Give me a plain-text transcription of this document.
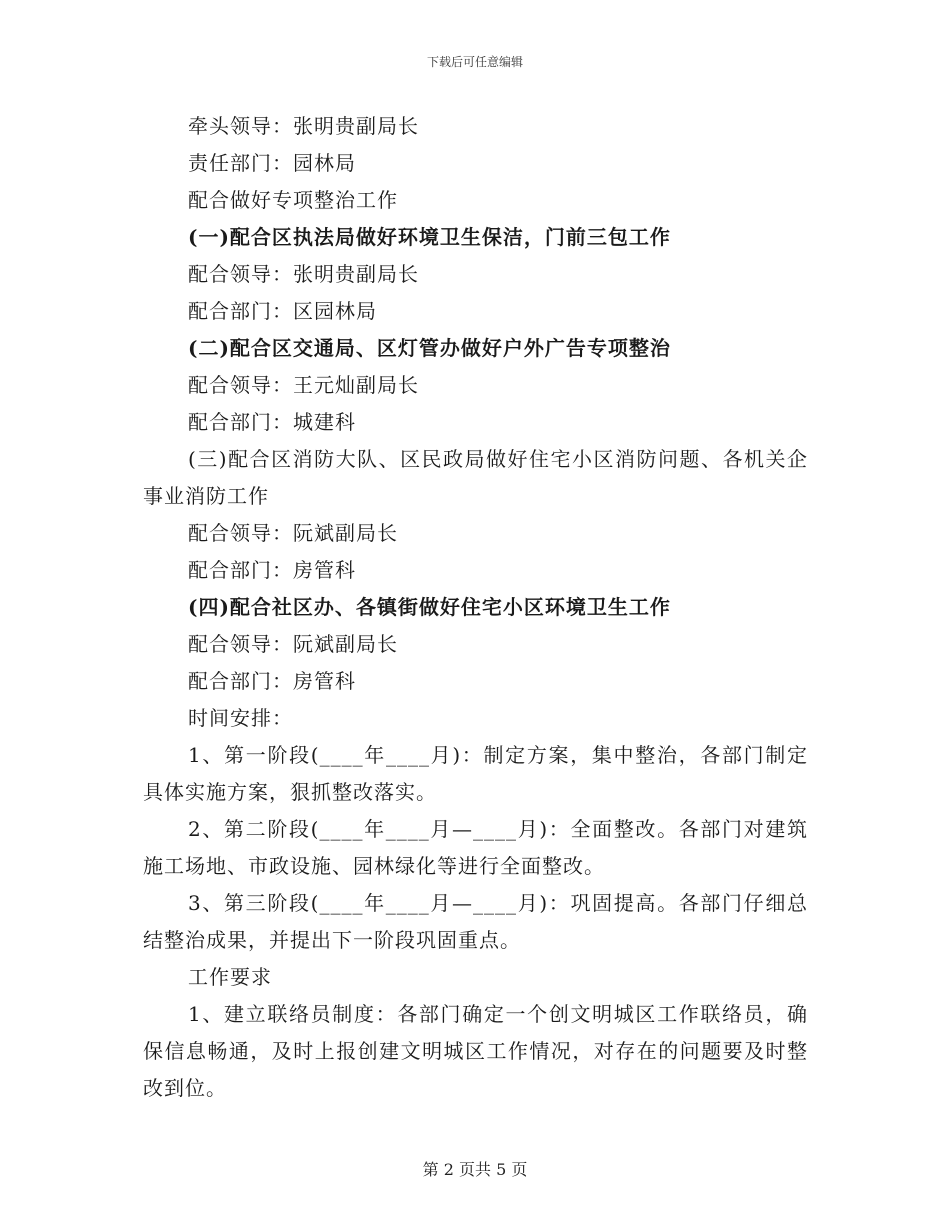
下载后可任意编辑
牵头领导：张明贵副局长
责任部门：园林局
配合做好专项整治工作
(一)配合区执法局做好环境卫生保洁，门前三包工作
配合领导：张明贵副局长
配合部门：区园林局
(二)配合区交通局、区灯管办做好户外广告专项整治
配合领导：王元灿副局长
配合部门：城建科
(三)配合区消防大队、区民政局做好住宅小区消防问题、各机关企事业消防工作
配合领导：阮斌副局长
配合部门：房管科
(四)配合社区办、各镇街做好住宅小区环境卫生工作
配合领导：阮斌副局长
配合部门：房管科
时间安排：
1、第一阶段(____年____月)：制定方案，集中整治，各部门制定具体实施方案，狠抓整改落实。
2、第二阶段(____年____月—____月)：全面整改。各部门对建筑施工场地、市政设施、园林绿化等进行全面整改。
3、第三阶段(____年____月—____月)：巩固提高。各部门仔细总结整治成果，并提出下一阶段巩固重点。
工作要求
1、建立联络员制度：各部门确定一个创文明城区工作联络员，确保信息畅通，及时上报创建文明城区工作情况，对存在的问题要及时整改到位。
第 2 页共 5 页
